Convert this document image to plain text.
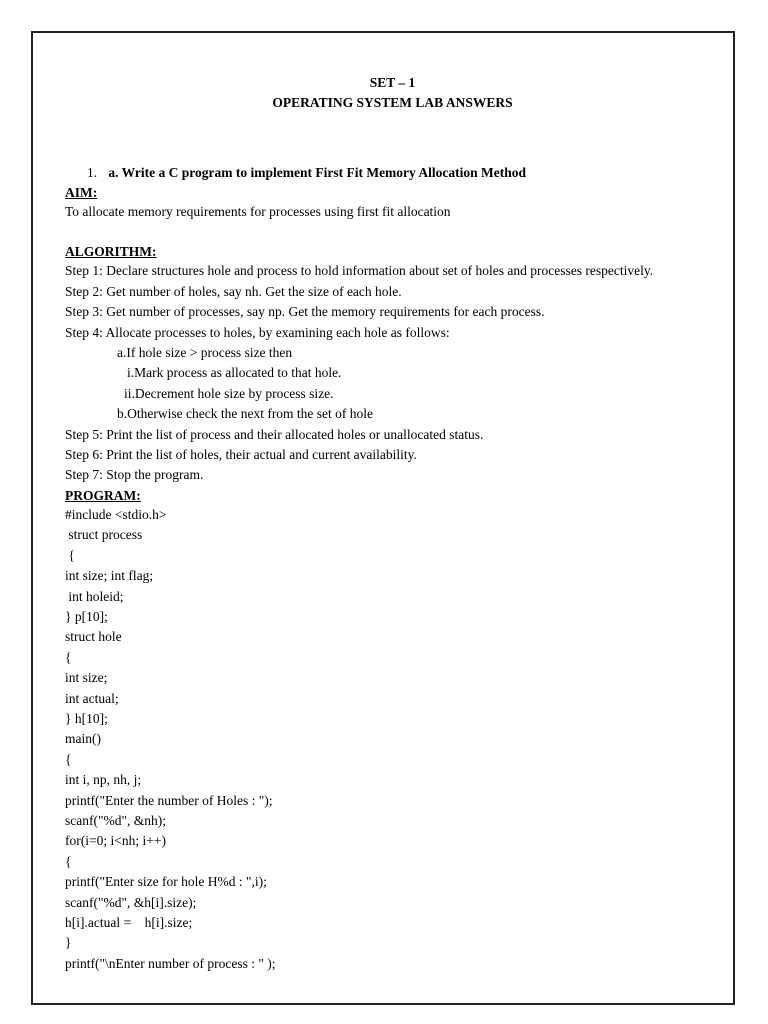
SET – 1
OPERATING SYSTEM LAB ANSWERS
1. a. Write a C program to implement First Fit Memory Allocation Method
AIM:
To allocate memory requirements for processes using first fit allocation
ALGORITHM:
Step 1: Declare structures hole and process to hold information about set of holes and processes respectively.
Step 2: Get number of holes, say nh. Get the size of each hole.
Step 3: Get number of processes, say np. Get the memory requirements for each process.
Step 4: Allocate processes to holes, by examining each hole as follows:
a.If hole size > process size then
i.Mark process as allocated to that hole.
ii.Decrement hole size by process size.
b.Otherwise check the next from the set of hole
Step 5: Print the list of process and their allocated holes or unallocated status.
Step 6: Print the list of holes, their actual and current availability.
Step 7: Stop the program.
PROGRAM:
#include <stdio.h>
struct process
{
int size; int flag;
int holeid;
} p[10];
struct hole
{
int size;
int actual;
} h[10];
main()
{
int i, np, nh, j;
printf("Enter the number of Holes : ");
scanf("%d", &nh);
for(i=0; i<nh; i++)
{
printf("Enter size for hole H%d : ",i);
scanf("%d", &h[i].size);
h[i].actual =    h[i].size;
}
printf("\nEnter number of process : " );
